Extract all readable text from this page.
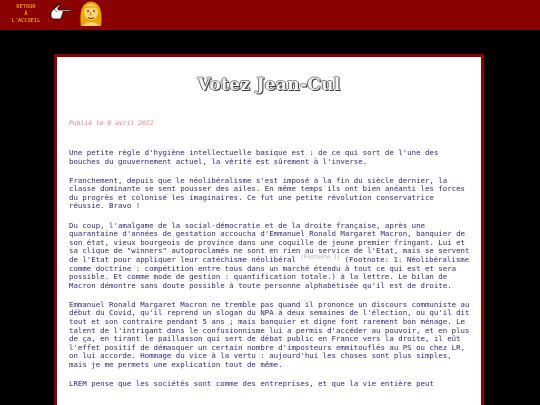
RETOUR
À
L'ACCUEIL
Votez Jean-Cul
Publié le 8 avril 2022

Une petite règle d'hygiène intellectuelle basique est : de ce qui sort de l'une des bouches du gouvernement actuel, la vérité est sûrement à l'inverse.

Franchement, depuis que le néolibéralisme s'est imposé à la fin du siècle dernier, la classe dominante se sent pousser des ailes. En même temps ils ont bien anéanti les forces du progrès et colonisé les imaginaires. Ce fut une petite révolution conservatrice réussie. Bravo !

Du coup, l'amalgame de la social-démocratie et de la droite française, après une quarantaine d'années de gestation accoucha d'Emmanuel Ronald Margaret Macron, banquier de son état, vieux bourgeois de province dans une coquille de jeune premier fringant. Lui et sa clique de "winners" autoproclamés ne sont en rien au service de l'Etat, mais se servent de l'Etat pour appliquer leur catéchisme néolibéral [Footnote 1] (Footnote: 1: Néolibéralisme comme doctrine : compétition entre tous dans un marché étendu à tout ce qui est et sera possible. Et comme mode de gestion : quantification totale.) à la lettre. Le bilan de Macron démontre sans doute possible à toute personne alphabétisée qu'il est de droite.

Emmanuel Ronald Margaret Macron ne tremble pas quand il prononce un discours communiste au début du Covid, qu'il reprend un slogan du NPA à deux semaines de l'élection, ou qu'il dit tout et son contraire pendant 5 ans ; mais banquier et digne font rarement bon ménage. Le talent de l'intrigant dans le confusionnisme lui a permis d'accéder au pouvoir, et en plus de ça, en tirant le paillasson qui sert de débat public en France vers la droite, il eût l'effet positif de démasquer un certain nombre d'imposteurs emmitouflés au PS ou chez LR, on lui accorde. Hommage du vice à la vertu : aujourd'hui les choses sont plus simples, mais je me permets une explication tout de même.

LREM pense que les sociétés sont comme des entreprises, et que la vie entière peut
